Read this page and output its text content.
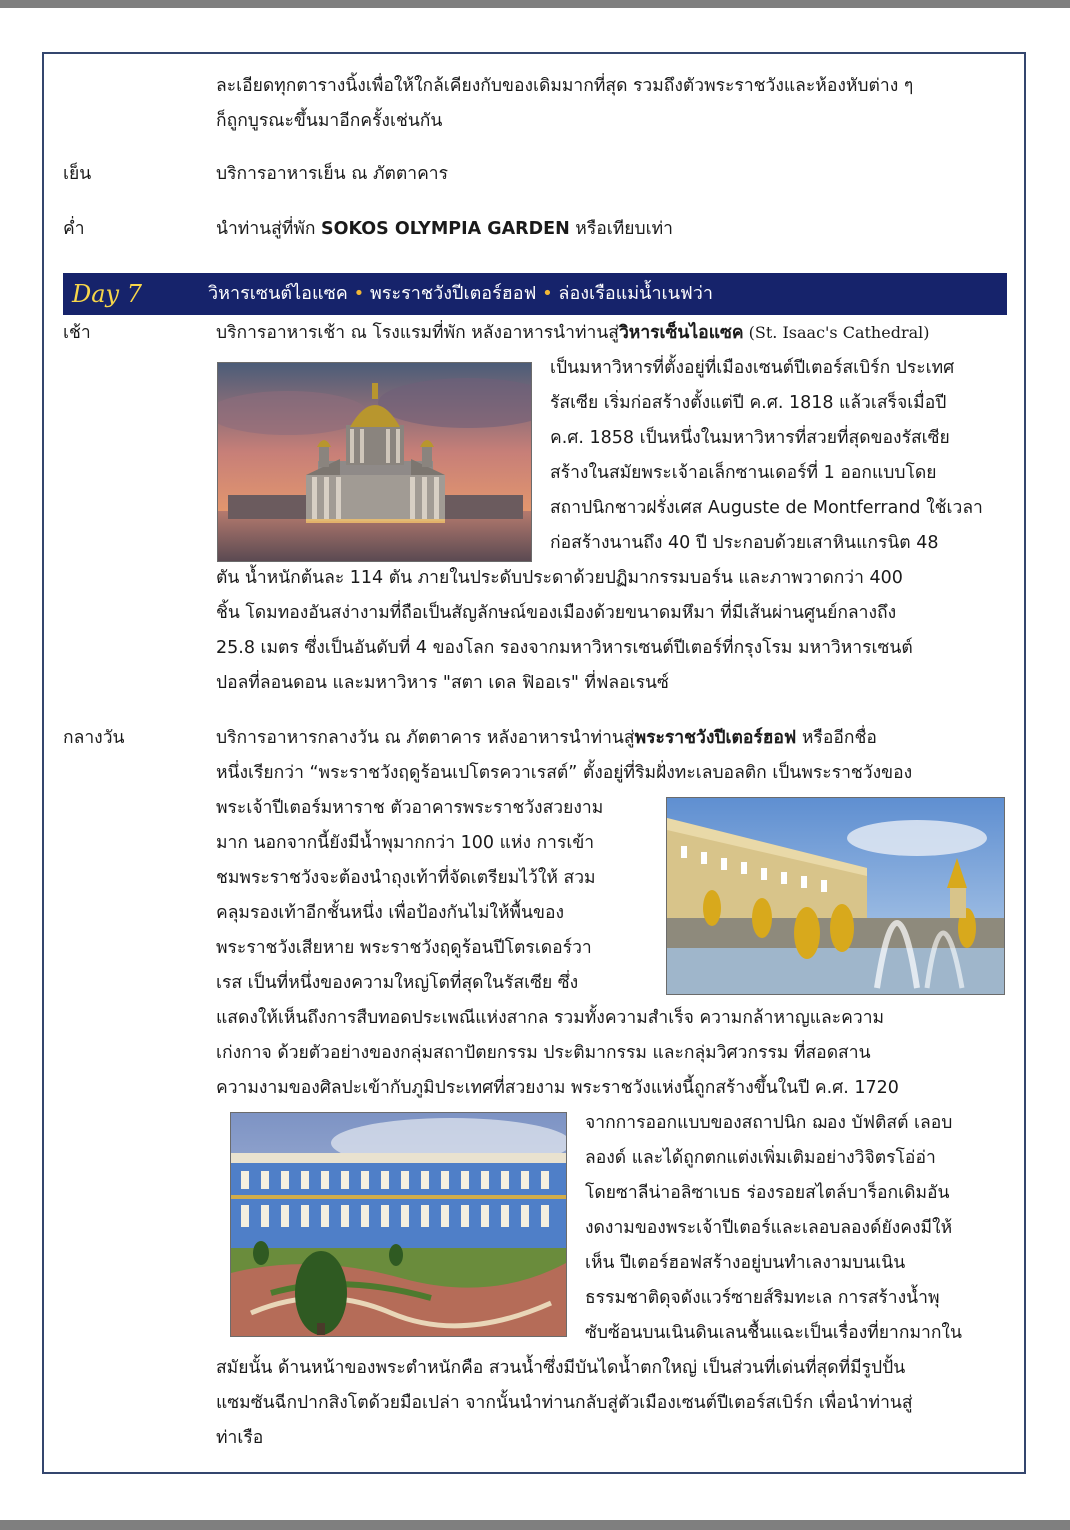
ละเอียดทุกตารางนิ้งเพื่อให้ใกล้เคียงกับของเดิมมากที่สุด รวมถึงตัวพระราชวังและห้องหับต่าง ๆ
ก็ถูกบูรณะขึ้นมาอีกครั้งเช่นกัน
เย็น	บริการอาหารเย็น ณ ภัตตาคาร
ค่ำ	นำท่านสู่ที่พัก SOKOS OLYMPIA GARDEN หรือเทียบเท่า
Day 7	วิหารเซนต์ไอแซค • พระราชวังปีเตอร์ฮอฟ • ล่องเรือแม่น้ำเนฟว่า
เช้า	บริการอาหารเช้า ณ โรงแรมที่พัก หลังอาหารนำท่านสู่วิหารเซ็นไอแซค (St. Isaac's Cathedral)
เป็นมหาวิหารที่ตั้งอยู่ที่เมืองเซนต์ปีเตอร์สเบิร์ก ประเทศ
รัสเซีย เริ่มก่อสร้างตั้งแต่ปี ค.ศ. 1818 แล้วเสร็จเมื่อปี
ค.ศ. 1858 เป็นหนึ่งในมหาวิหารที่สวยที่สุดของรัสเซีย
สร้างในสมัยพระเจ้าอเล็กซานเดอร์ที่ 1 ออกแบบโดย
สถาปนิกชาวฝรั่งเศส Auguste de Montferrand ใช้เวลา
ก่อสร้างนานถึง 40 ปี ประกอบด้วยเสาหินแกรนิต 48
ตัน น้ำหนักต้นละ 114 ตัน ภายในประดับประดาด้วยปฏิมากรรมบอร์น และภาพวาดกว่า 400
ชิ้น โดมทองอันสง่างามที่ถือเป็นสัญลักษณ์ของเมืองด้วยขนาดมหึมา ที่มีเส้นผ่านศูนย์กลางถึง
25.8 เมตร ซึ่งเป็นอันดับที่ 4 ของโลก รองจากมหาวิหารเซนต์ปีเตอร์ที่กรุงโรม มหาวิหารเซนต์
ปอลที่ลอนดอน และมหาวิหาร "สตา เดล ฟิออเร" ที่ฟลอเรนซ์
กลางวัน	บริการอาหารกลางวัน ณ ภัตตาคาร หลังอาหารนำท่านสู่พระราชวังปีเตอร์ฮอฟ หรืออีกชื่อ
หนึ่งเรียกว่า “พระราชวังฤดูร้อนเปโตรควาเรสต์” ตั้งอยู่ที่ริมฝั่งทะเลบอลติก เป็นพระราชวังของ
พระเจ้าปีเตอร์มหาราช ตัวอาคารพระราชวังสวยงาม
มาก นอกจากนี้ยังมีน้ำพุมากกว่า 100 แห่ง การเข้า
ชมพระราชวังจะต้องนำถุงเท้าที่จัดเตรียมไว้ให้ สวม
คลุมรองเท้าอีกชั้นหนึ่ง เพื่อป้องกันไม่ให้พื้นของ
พระราชวังเสียหาย พระราชวังฤดูร้อนปีโตรเดอร์วา
เรส เป็นที่หนึ่งของความใหญ่โตที่สุดในรัสเซีย ซึ่ง
แสดงให้เห็นถึงการสืบทอดประเพณีแห่งสากล รวมทั้งความสำเร็จ ความกล้าหาญและความ
เก่งกาจ ด้วยตัวอย่างของกลุ่มสถาปัตยกรรม ประติมากรรม และกลุ่มวิศวกรรม ที่สอดสาน
ความงามของศิลปะเข้ากับภูมิประเทศที่สวยงาม พระราชวังแห่งนี้ถูกสร้างขึ้นในปี ค.ศ. 1720
จากการออกแบบของสถาปนิก ฌอง บัฟติสต์ เลอบ
ลองด์ และได้ถูกตกแต่งเพิ่มเติมอย่างวิจิตรโอ่อ่า
โดยซาลีน่าอลิซาเบธ ร่องรอยสไตล์บาร็อกเดิมอัน
งดงามของพระเจ้าปีเตอร์และเลอบลองด์ยังคงมีให้
เห็น ปีเตอร์ฮอฟสร้างอยู่บนทำเลงามบนเนิน
ธรรมชาติดุจดังแวร์ซายส์ริมทะเล การสร้างน้ำพุ
ซับซ้อนบนเนินดินเลนชื้นแฉะเป็นเรื่องที่ยากมากใน
สมัยนั้น ด้านหน้าของพระตำหนักคือ สวนน้ำซึ่งมีบันไดน้ำตกใหญ่ เป็นส่วนที่เด่นที่สุดที่มีรูปปั้น
แซมซันฉีกปากสิงโตด้วยมือเปล่า จากนั้นนำท่านกลับสู่ตัวเมืองเซนต์ปีเตอร์สเบิร์ก เพื่อนำท่านสู่
ท่าเรือ
